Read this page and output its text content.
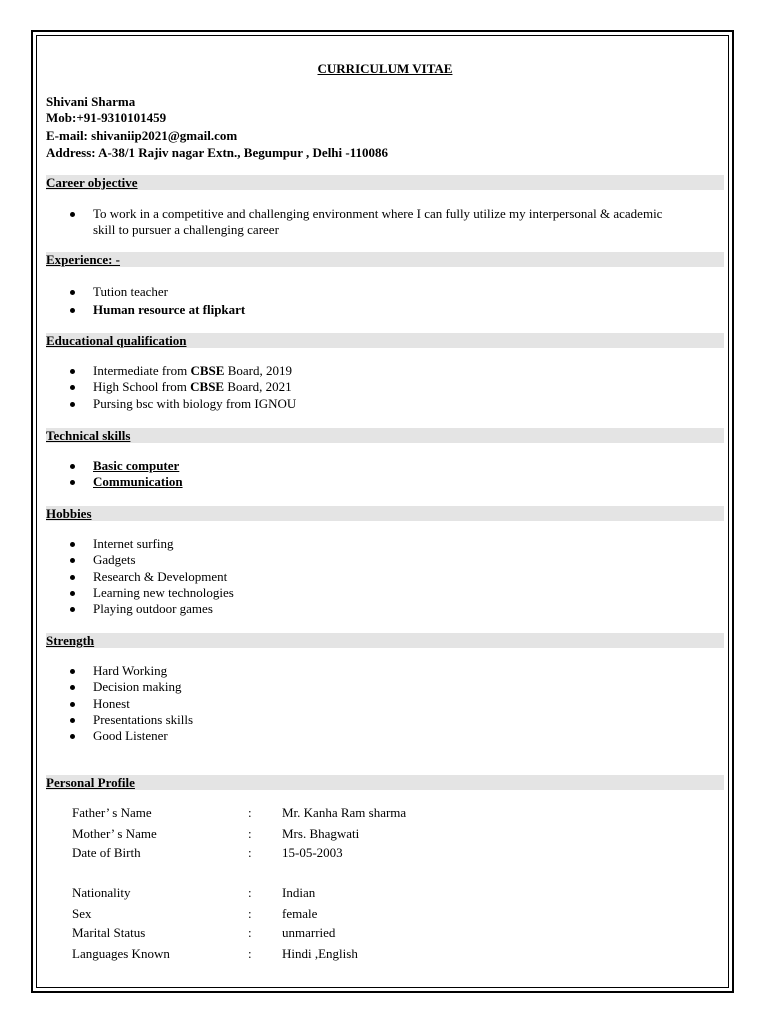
CURRICULUM VITAE
Shivani Sharma
Mob:+91-9310101459
E-mail: shivaniip2021@gmail.com
Address: A-38/1 Rajiv nagar Extn., Begumpur , Delhi -110086
Career objective
To work in a competitive and challenging environment where I can fully utilize my interpersonal & academic
skill to pursuer a challenging career
Experience: -
Tution teacher
Human resource at flipkart
Educational qualification
Intermediate from CBSE Board, 2019
High School from CBSE Board, 2021
Pursing bsc with biology from IGNOU
Technical skills
Basic computer
Communication
Hobbies
Internet surfing
Gadgets
Research & Development
Learning new technologies
Playing outdoor games
Strength
Hard Working
Decision making
Honest
Presentations skills
Good Listener
Personal Profile
Father’ s Name	: Mr. Kanha Ram sharma
Mother’ s Name	: Mrs. Bhagwati
Date of Birth	: 15-05-2003
Nationality	: Indian
Sex	: female
Marital Status	: unmarried
Languages Known	: Hindi ,English
